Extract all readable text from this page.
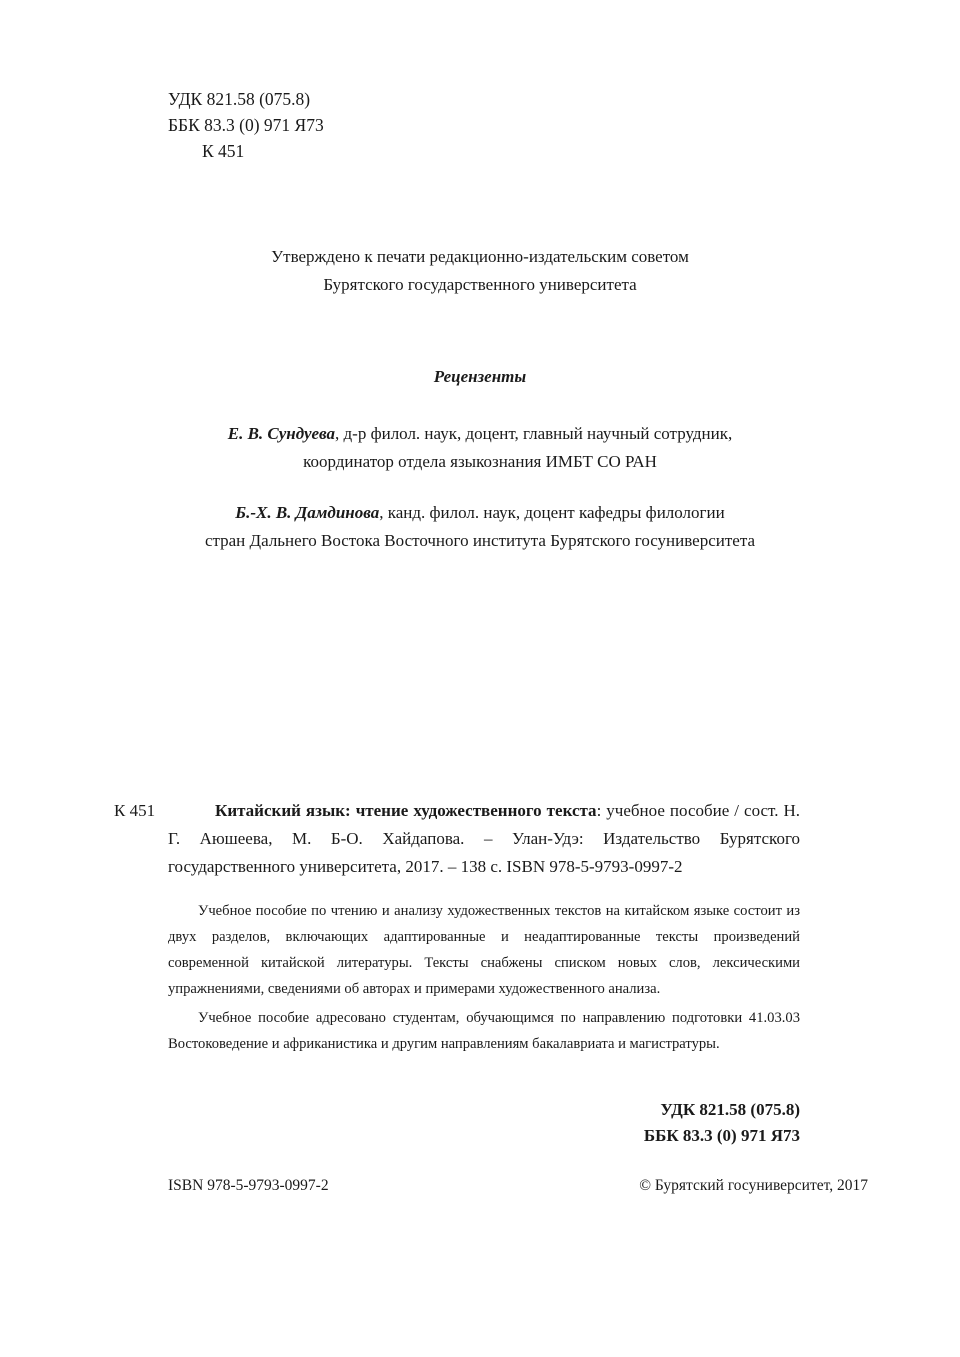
УДК 821.58 (075.8)
ББК 83.3 (0) 971 Я73
К 451
Утверждено к печати редакционно-издательским советом
Бурятского государственного университета
Рецензенты
Е. В. Сундуева, д-р филол. наук, доцент, главный научный сотрудник,
координатор отдела языкознания ИМБТ СО РАН
Б.-Х. В. Дамдинова, канд. филол. наук, доцент кафедры филологии
стран Дальнего Востока Восточного института Бурятского госуниверситета
К 451	Китайский язык: чтение художественного текста: учебное пособие / сост. Н. Г. Аюшеева, М. Б-О. Хайдапова. – Улан-Удэ: Издательство Бурятского государственного университета, 2017. – 138 с. ISBN 978-5-9793-0997-2

Учебное пособие по чтению и анализу художественных текстов на китайском языке состоит из двух разделов, включающих адаптированные и неадаптированные тексты произведений современной китайской литературы. Тексты снабжены списком новых слов, лексическими упражнениями, сведениями об авторах и примерами художественного анализа.

Учебное пособие адресовано студентам, обучающимся по направлению подготовки 41.03.03 Востоковедение и африканистика и другим направлениям бакалавриата и магистратуры.

УДК 821.58 (075.8)
ББК 83.3 (0) 971 Я73
ISBN 978-5-9793-0997-2	© Бурятский госуниверситет, 2017
